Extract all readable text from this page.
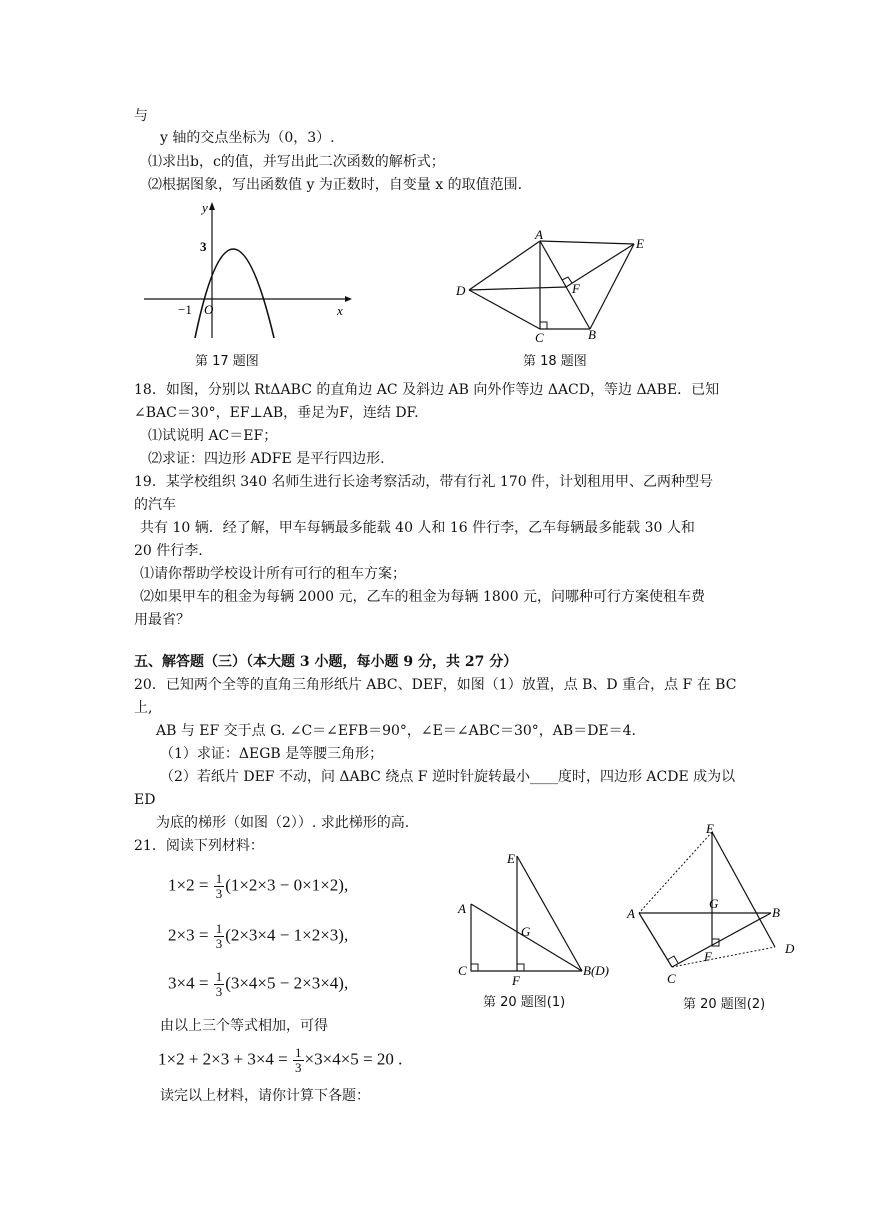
与
y 轴的交点坐标为（0，3）.
⑴求出b，c的值，并写出此二次函数的解析式；
⑵根据图象，写出函数值 y 为正数时，自变量 x 的取值范围.
y
x
3
−1 O
第 17 题图
A
E
D	F
C	B
第 18 题图
18．如图，分别以 RtΔABC 的直角边 AC 及斜边 AB 向外作等边 ΔACD，等边 ΔABE．已知
∠BAC＝30°，EF⊥AB，垂足为F，连结 DF.
⑴试说明 AC＝EF；
⑵求证：四边形 ADFE 是平行四边形.
19．某学校组织 340 名师生进行长途考察活动，带有行礼 170 件，计划租用甲、乙两种型号
的汽车
共有 10 辆．经了解，甲车每辆最多能载 40 人和 16 件行李，乙车每辆最多能载 30 人和
20 件行李.
⑴请你帮助学校设计所有可行的租车方案；
⑵如果甲车的租金为每辆 2000 元，乙车的租金为每辆 1800 元，问哪种可行方案使租车费
用最省？
五、解答题（三）（本大题 3 小题，每小题 9 分，共 27 分）
20．已知两个全等的直角三角形纸片 ABC、DEF，如图（1）放置，点 B、D 重合，点 F 在 BC
上,
AB 与 EF 交于点 G. ∠C＝∠EFB＝90°，∠E＝∠ABC＝30°，AB＝DE＝4.
（1）求证：ΔEGB 是等腰三角形；
（2）若纸片 DEF 不动，问 ΔABC 绕点 F 逆时针旋转最小____度时，四边形 ACDE 成为以
ED
为底的梯形（如图（2））. 求此梯形的高.
21．阅读下列材料：
$1\times 2 = \frac{1}{3} (1\times 2\times 3 - 0\times 1\times 2)$,
$2\times 3 = \frac{1}{3} (2\times 3\times 4 - 1\times 2\times 3)$,
$3\times 4 = \frac{1}{3} (3\times 4\times 5 - 2\times 3\times 4)$,
由以上三个等式相加，可得
$1\times 2 + 2\times 3 + 3\times 4 = \frac{1}{3} \times 3\times 4\times 5 = 20$ .
读完以上材料，请你计算下各题：
E
A
G
C
F
B(D)
第 20 题图(1)
E
A
G
B
F
C
D
第 20 题图(2)
